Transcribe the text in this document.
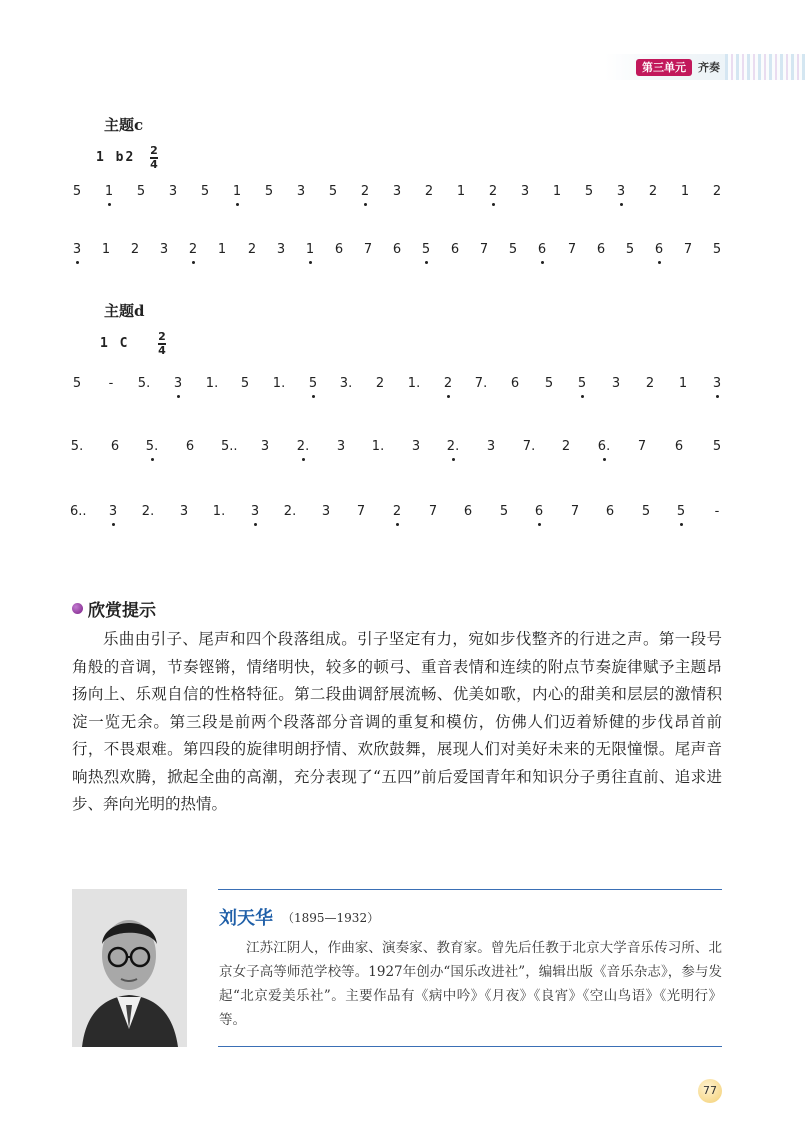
第三单元	齐奏
主题c
1 b2 2
4
5 1 5 3 5 1 5 3 5 2 3 2 1 2 3 1 5 3 2 1 2
3 1 2 3 2 1 2 3 1 6 7 6 5 6 7 5 6 7 6 5 6 7 5
主题d
1 C	2
4
5	-	5. 3 1. 5 1. 5 3. 2 1. 2 7. 6 5 5 3 2 1 3
5. 6 5. 6 5.. 3 2. 3 1. 3 2. 3 7. 2 6. 7 6 5
6.. 3 2. 3 1. 3 2. 3 7 2 7 6 5 6 7 6 5 5	-
欣赏提示
乐曲由引子、尾声和四个段落组成。引子坚定有力，宛如步伐整齐的行进之声。第一段号角般的音调，节奏铿锵，情绪明快，较多的顿弓、重音表情和连续的附点节奏旋律赋予主题昂扬向上、乐观自信的性格特征。第二段曲调舒展流畅、优美如歌，内心的甜美和层层的激情积淀一览无余。第三段是前两个段落部分音调的重复和模仿，仿佛人们迈着矫健的步伐昂首前行，不畏艰难。第四段的旋律明朗抒情、欢欣鼓舞，展现人们对美好未来的无限憧憬。尾声音响热烈欢腾，掀起全曲的高潮，充分表现了“五四”前后爱国青年和知识分子勇往直前、追求进步、奔向光明的热情。
刘天华 （1895—1932）
江苏江阴人，作曲家、演奏家、教育家。曾先后任教于北京大学音乐传习所、北京女子高等师范学校等。1927年创办“国乐改进社”，编辑出版《音乐杂志》，参与发起“北京爱美乐社”。主要作品有《病中吟》《月夜》《良宵》《空山鸟语》《光明行》等。
77
